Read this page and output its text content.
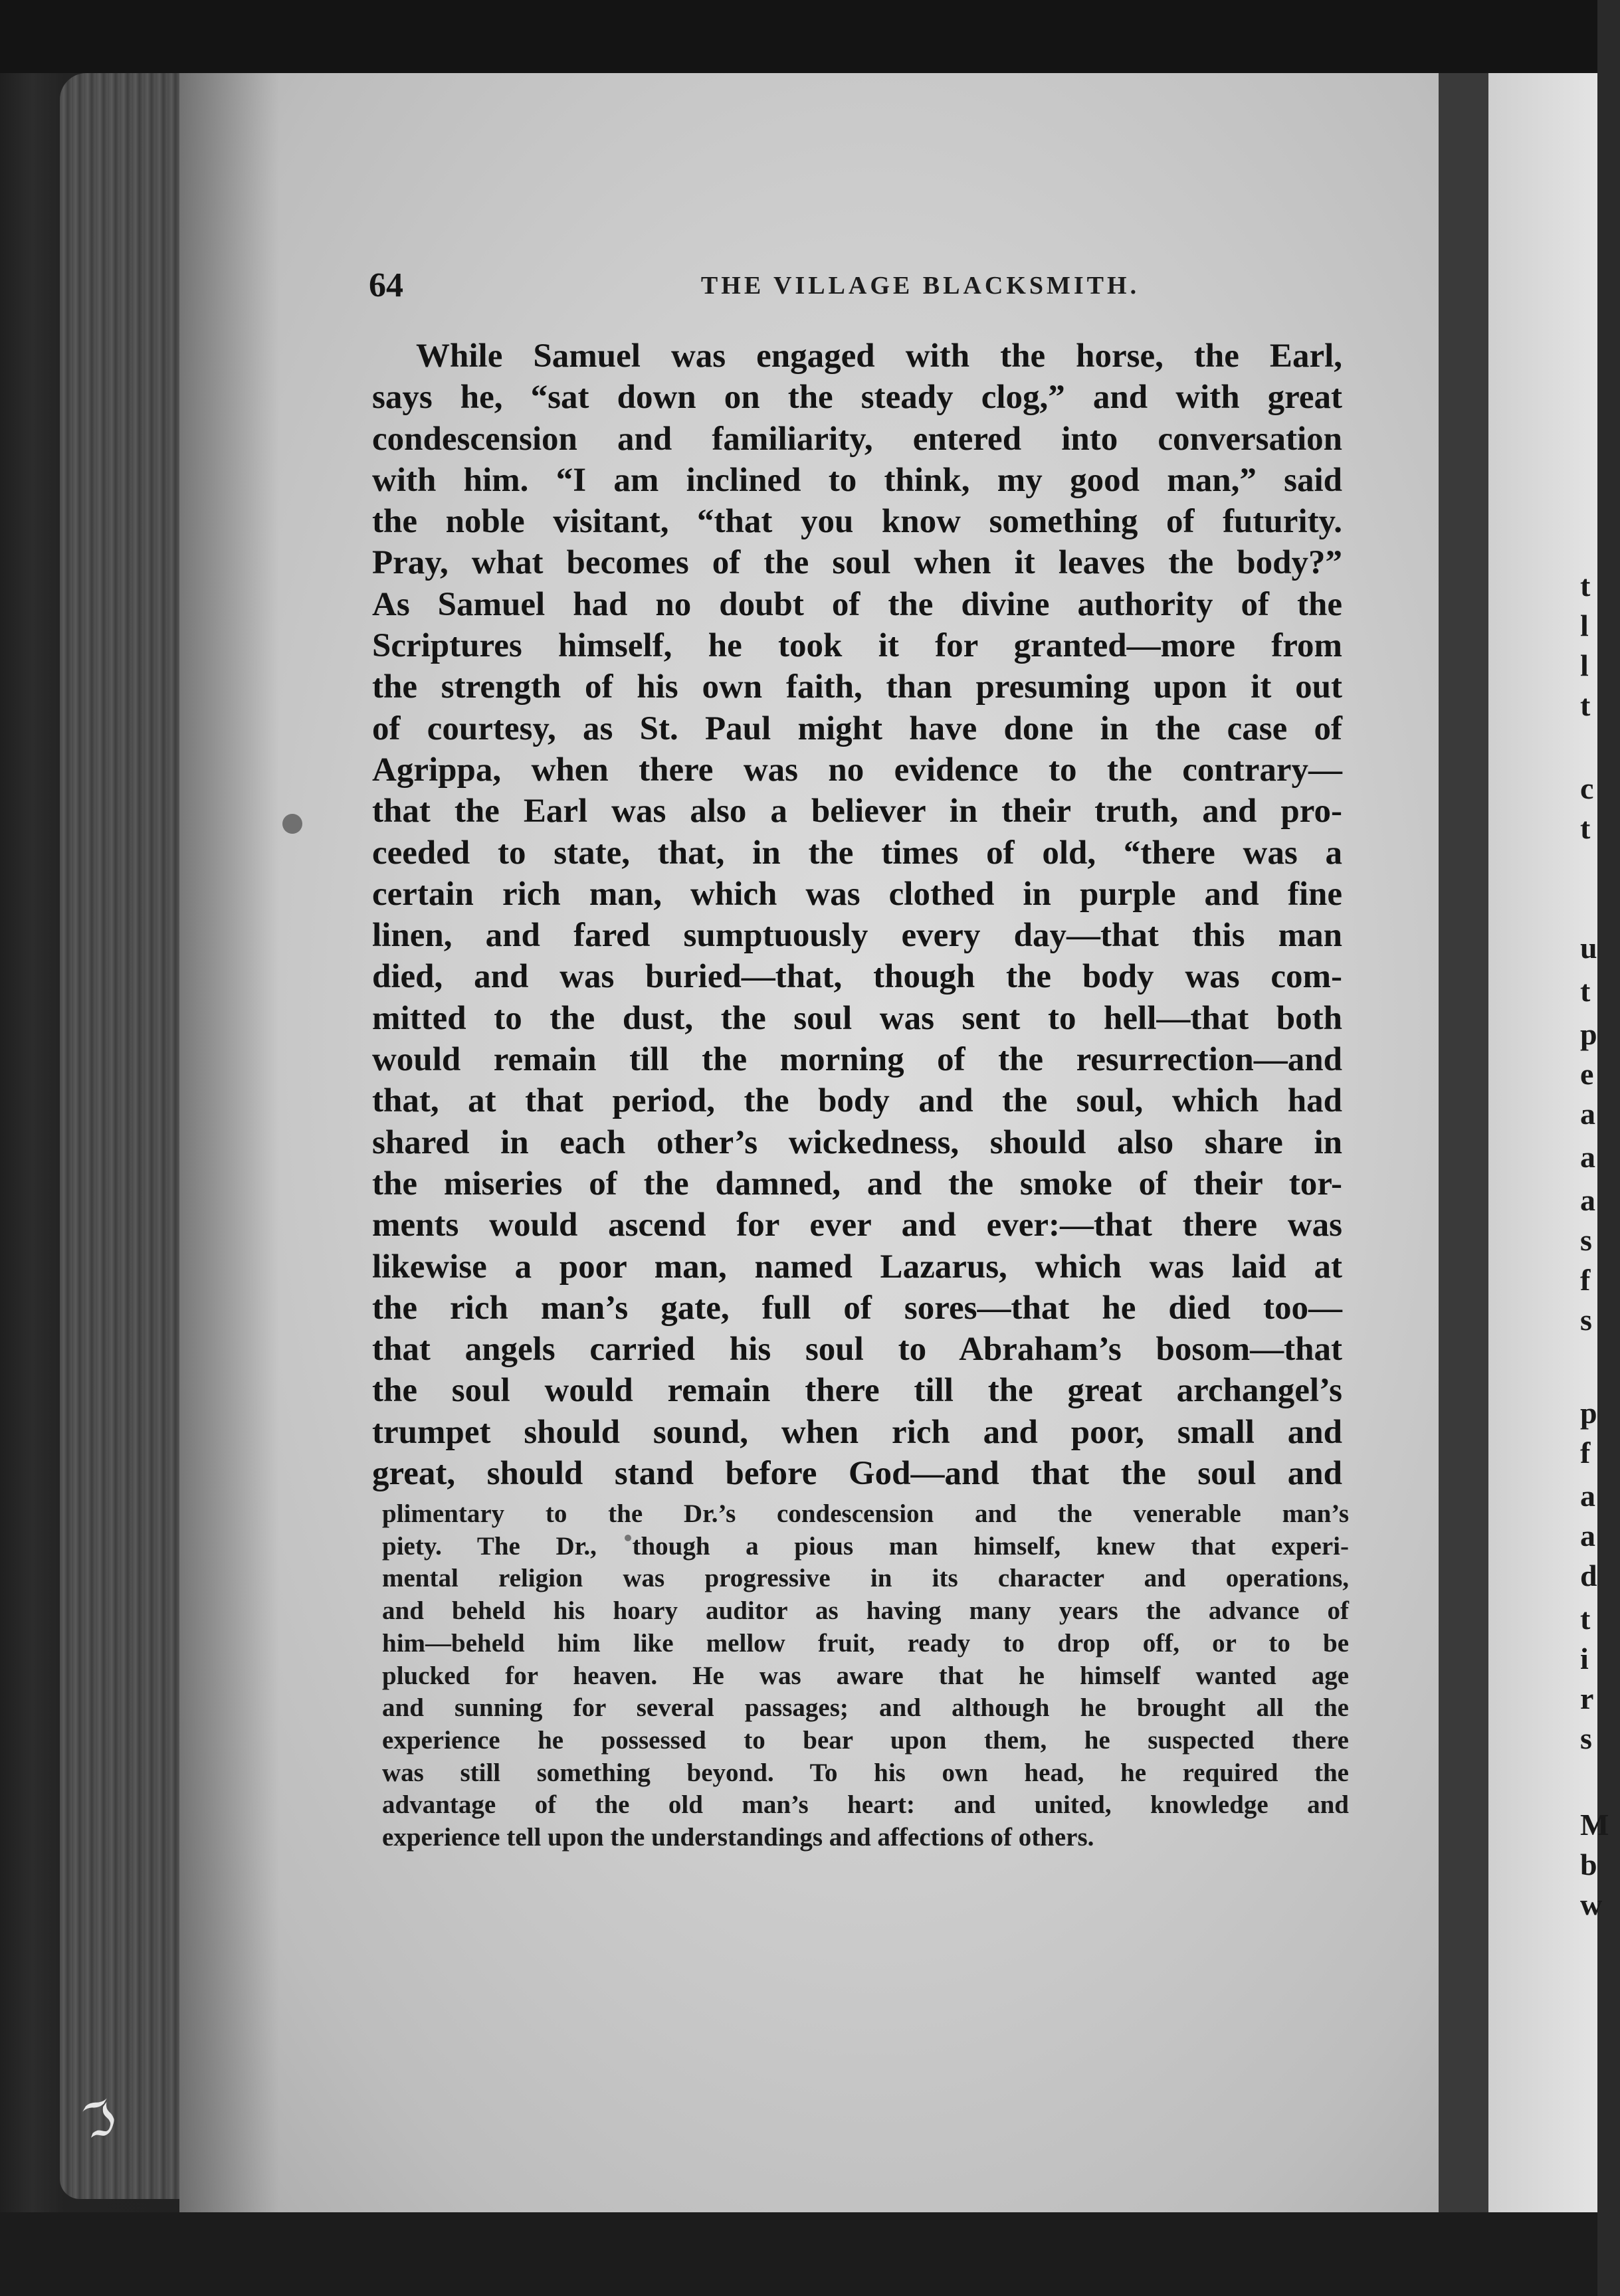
64	THE VILLAGE BLACKSMITH.
While Samuel was engaged with the horse, the Earl,
says he, “sat down on the steady clog,” and with great
condescension and familiarity, entered into conversation
with him. “I am inclined to think, my good man,” said
the noble visitant, “that you know something of futurity.
Pray, what becomes of the soul when it leaves the body?”
As Samuel had no doubt of the divine authority of the
Scriptures himself, he took it for granted—more from
the strength of his own faith, than presuming upon it out
of courtesy, as St. Paul might have done in the case of
Agrippa, when there was no evidence to the contrary—
that the Earl was also a believer in their truth, and pro-
ceeded to state, that, in the times of old, “there was a
certain rich man, which was clothed in purple and fine
linen, and fared sumptuously every day—that this man
died, and was buried—that, though the body was com-
mitted to the dust, the soul was sent to hell—that both
would remain till the morning of the resurrection—and
that, at that period, the body and the soul, which had
shared in each other’s wickedness, should also share in
the miseries of the damned, and the smoke of their tor-
ments would ascend for ever and ever:—that there was
likewise a poor man, named Lazarus, which was laid at
the rich man’s gate, full of sores—that he died too—
that angels carried his soul to Abraham’s bosom—that
the soul would remain there till the great archangel’s
trumpet should sound, when rich and poor, small and
great, should stand before God—and that the soul and
plimentary to the Dr.’s condescension and the venerable man’s
piety. The Dr., though a pious man himself, knew that experi-
mental religion was progressive in its character and operations,
and beheld his hoary auditor as having many years the advance of
him—beheld him like mellow fruit, ready to drop off, or to be
plucked for heaven. He was aware that he himself wanted age
and sunning for several passages; and although he brought all the
experience he possessed to bear upon them, he suspected there
was still something beyond. To his own head, he required the
advantage of the old man’s heart: and united, knowledge and
experience tell upon the understandings and affections of others.
t
l
l
t
c
t
u
t
p
e
a
a
a
s
f
s
p
f
a
a
d
t
i
r
s
M
b
w
ℑ
